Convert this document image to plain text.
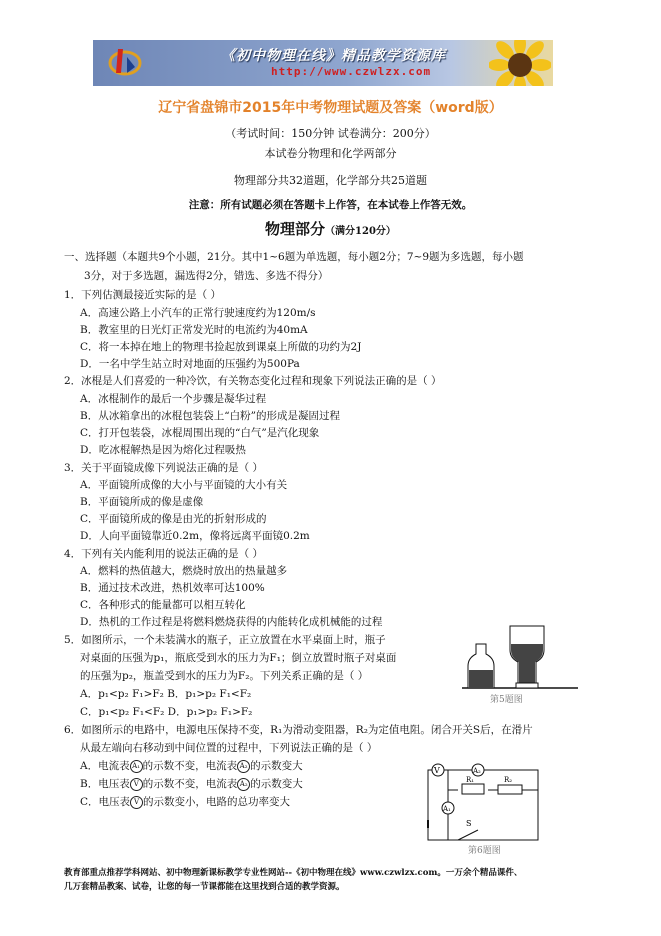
《初中物理在线》精品教学资源库
http://www.czwlzx.com
辽宁省盘锦市2015年中考物理试题及答案（word版）
（考试时间：150分钟 试卷满分：200分）
本试卷分物理和化学两部分
物理部分共32道题，化学部分共25道题
注意：所有试题必须在答题卡上作答，在本试卷上作答无效。
物理部分（满分120分）
一、选择题（本题共9个小题，21分。其中1~6题为单选题，每小题2分；7~9题为多选题，每小题
3分，对于多选题，漏选得2分，错选、多选不得分）
1．下列估测最接近实际的是（ ）
A．高速公路上小汽车的正常行驶速度约为120m/s
B．教室里的日光灯正常发光时的电流约为40mA
C．将一本掉在地上的物理书捡起放到课桌上所做的功约为2J
D．一名中学生站立时对地面的压强约为500Pa
2．冰棍是人们喜爱的一种冷饮，有关物态变化过程和现象下列说法正确的是（ ）
A．冰棍制作的最后一个步骤是凝华过程
B．从冰箱拿出的冰棍包装袋上“白粉”的形成是凝固过程
C．打开包装袋，冰棍周围出现的“白气”是汽化现象
D．吃冰棍解热是因为熔化过程吸热
3．关于平面镜成像下列说法正确的是（ ）
A．平面镜所成像的大小与平面镜的大小有关
B．平面镜所成的像是虚像
C．平面镜所成的像是由光的折射形成的
D．人向平面镜靠近0.2m，像将远离平面镜0.2m
4．下列有关内能利用的说法正确的是（ ）
A．燃料的热值越大，燃烧时放出的热量越多
B．通过技术改进，热机效率可达100%
C．各种形式的能量都可以相互转化
D．热机的工作过程是将燃料燃烧获得的内能转化成机械能的过程
5．如图所示，一个未装满水的瓶子，正立放置在水平桌面上时，瓶子
对桌面的压强为p₁，瓶底受到水的压力为F₁；倒立放置时瓶子对桌面
的压强为p₂，瓶盖受到水的压力为F₂。下列关系正确的是（ ）
A．p₁<p₂ F₁>F₂ B．p₁>p₂ F₁<F₂
C．p₁<p₂ F₁<F₂ D．p₁>p₂ F₁>F₂
第5题图
6．如图所示的电路中，电源电压保持不变，R₁为滑动变阻器，R₂为定值电阻。闭合开关S后，在滑片
从最左端向右移动到中间位置的过程中，下列说法正确的是（ ）
A．电流表 A₁ 的示数不变，电流表 A₂ 的示数变大
B．电压表 V 的示数不变，电流表 A₂ 的示数变大
C．电压表 V 的示数变小，电路的总功率变大
V	A₂
R₁	R₂
A₁
S
第6题图
教育部重点推荐学科网站、初中物理新课标教学专业性网站--《初中物理在线》www.czwlzx.com。一万余个精品课件、
几万套精品教案、试卷，让您的每一节课都能在这里找到合适的教学资源。
